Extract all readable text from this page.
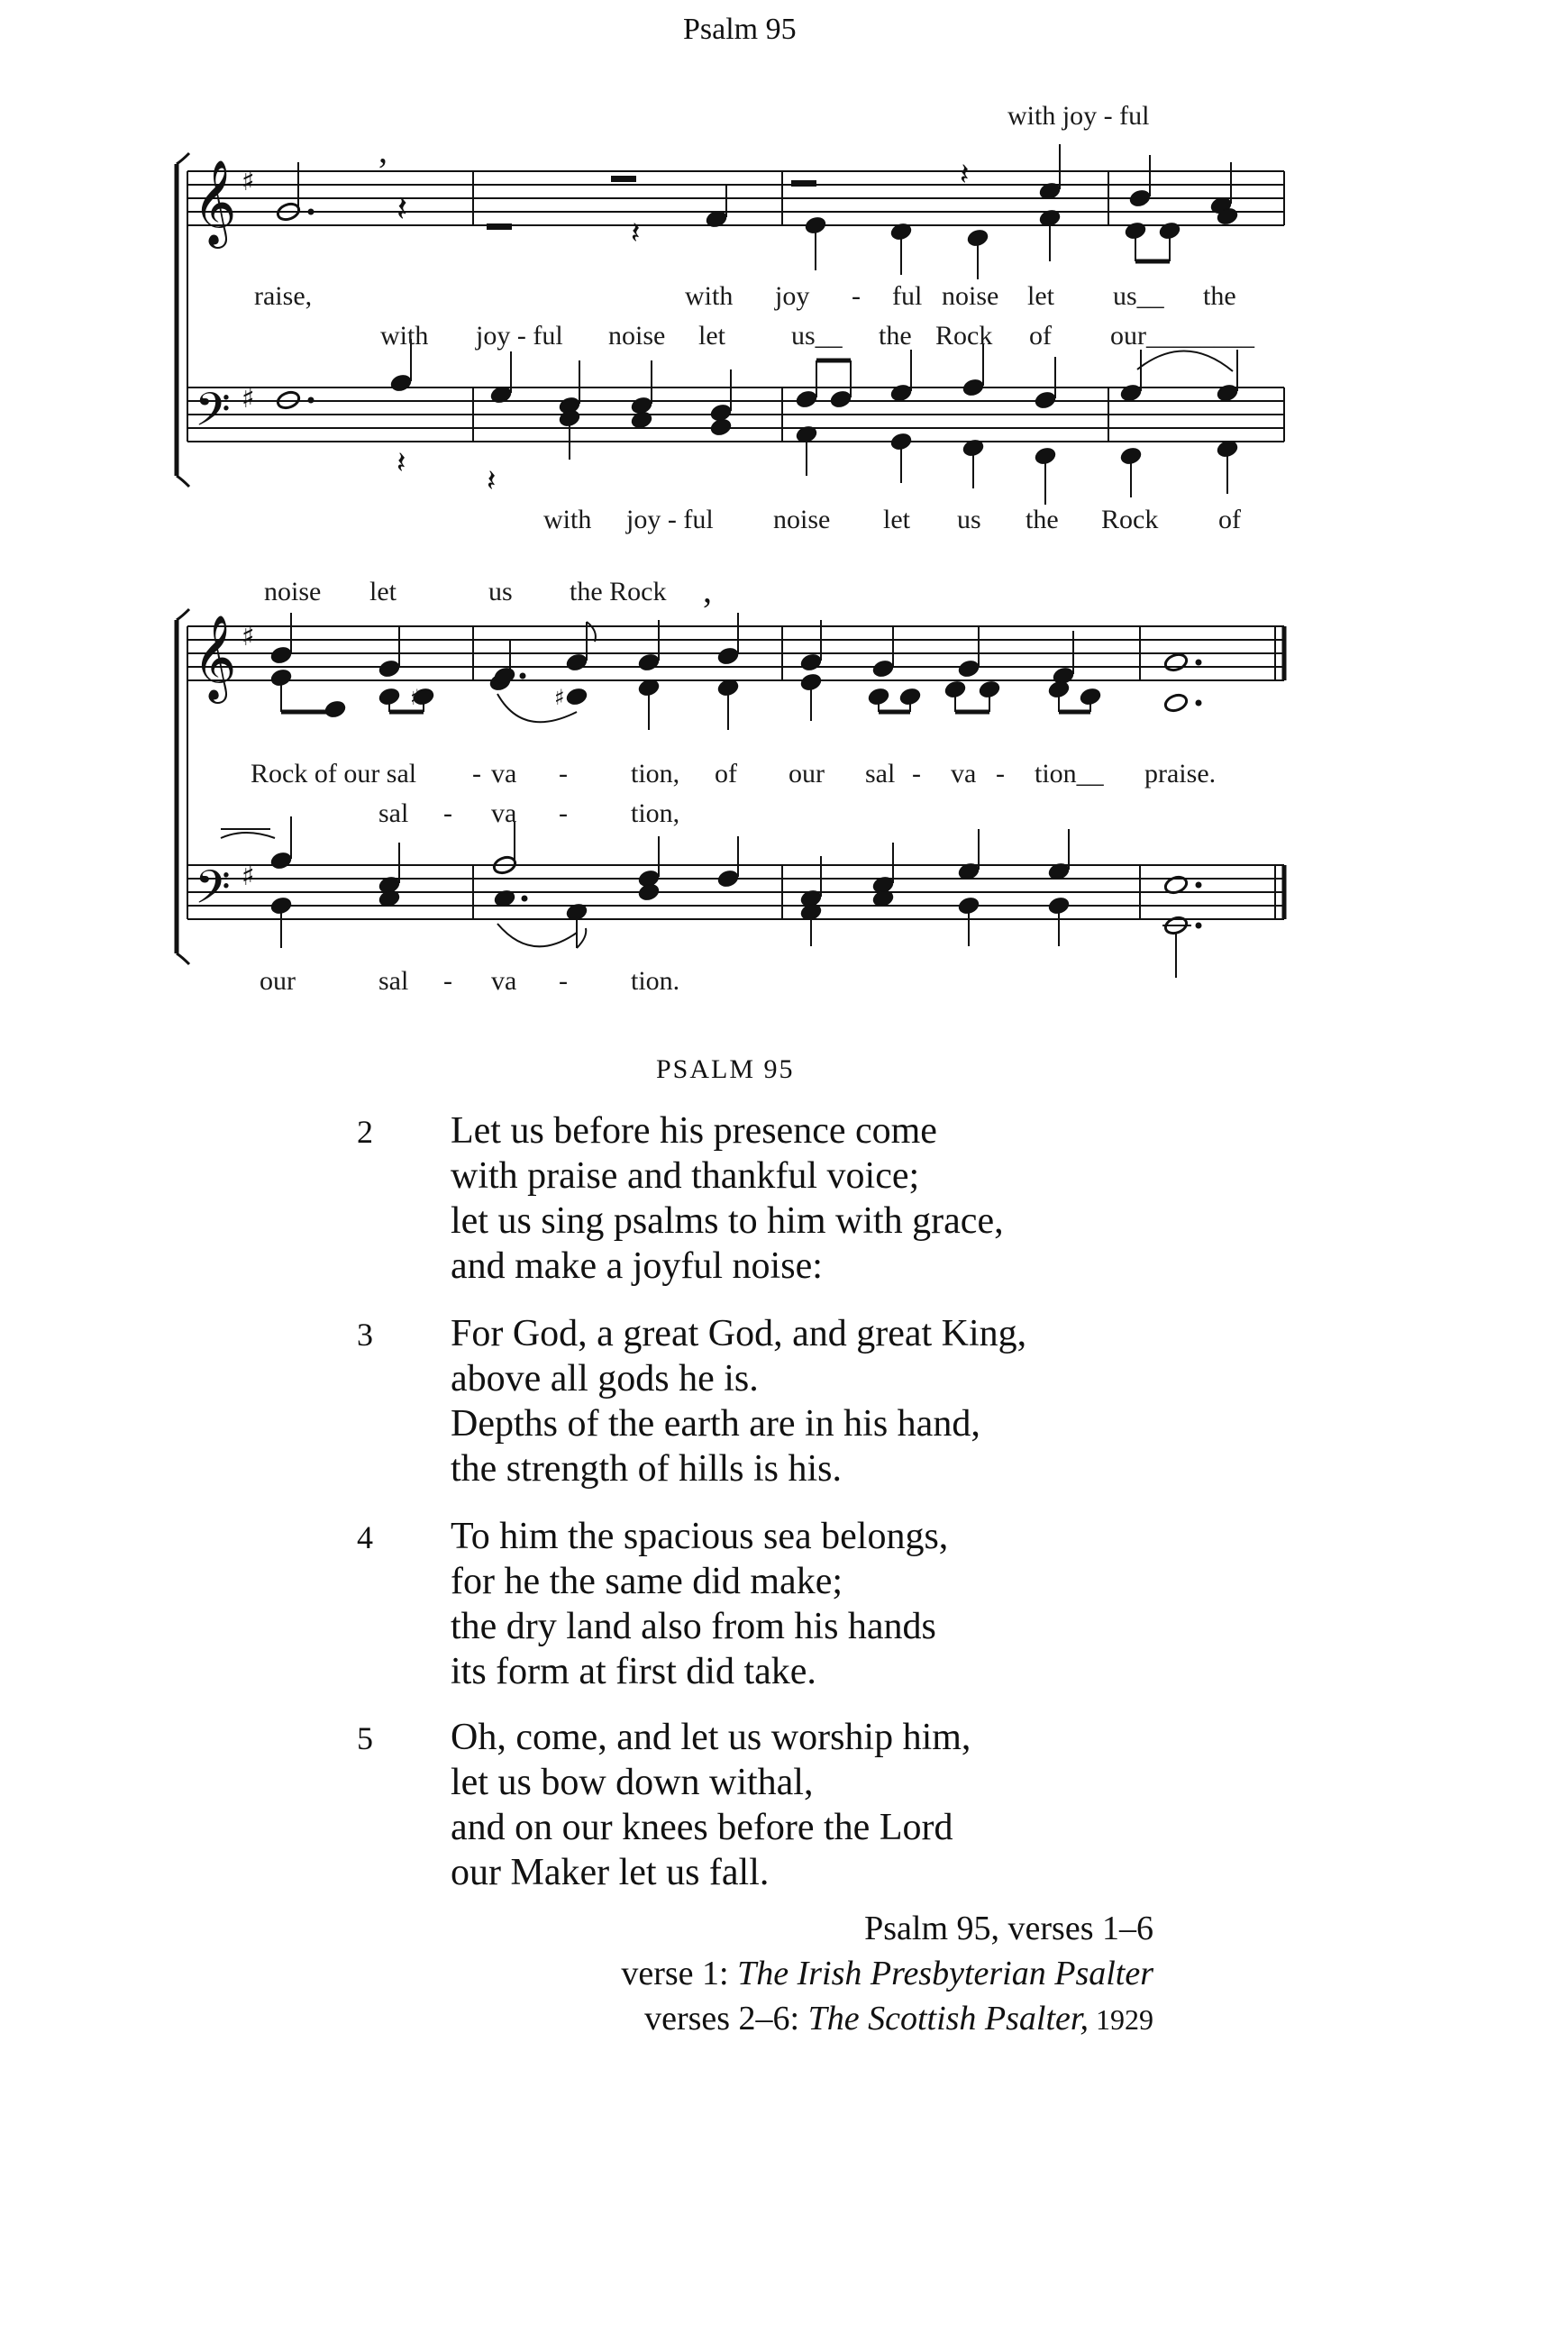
Psalm 95
𝄞 ♯
𝄢 ♯
,
𝄽
𝄽
𝄽
𝄽	𝄽
𝄞 ♯
𝄢 ♯
♯	♯
,
with joy - ful
raise,	with joy - ful noise let us__ the
with joy - ful noise let us__ the Rock of our________
with joy - ful noise let us the Rock of
noise let	us the Rock
Rock of our sal - va - tion, of our sal - va - tion__ praise.
sal - va - tion,
our	sal - va - tion.
PSALM 95
2 Let us before his presence come
with praise and thankful voice;
let us sing psalms to him with grace,
and make a joyful noise:
3 For God, a great God, and great King,
above all gods he is.
Depths of the earth are in his hand,
the strength of hills is his.
4 To him the spacious sea belongs,
for he the same did make;
the dry land also from his hands
its form at first did take.
5 Oh, come, and let us worship him,
let us bow down withal,
and on our knees before the Lord
our Maker let us fall.
Psalm 95, verses 1–6
verse 1: The Irish Presbyterian Psalter
verses 2–6: The Scottish Psalter, 1929
